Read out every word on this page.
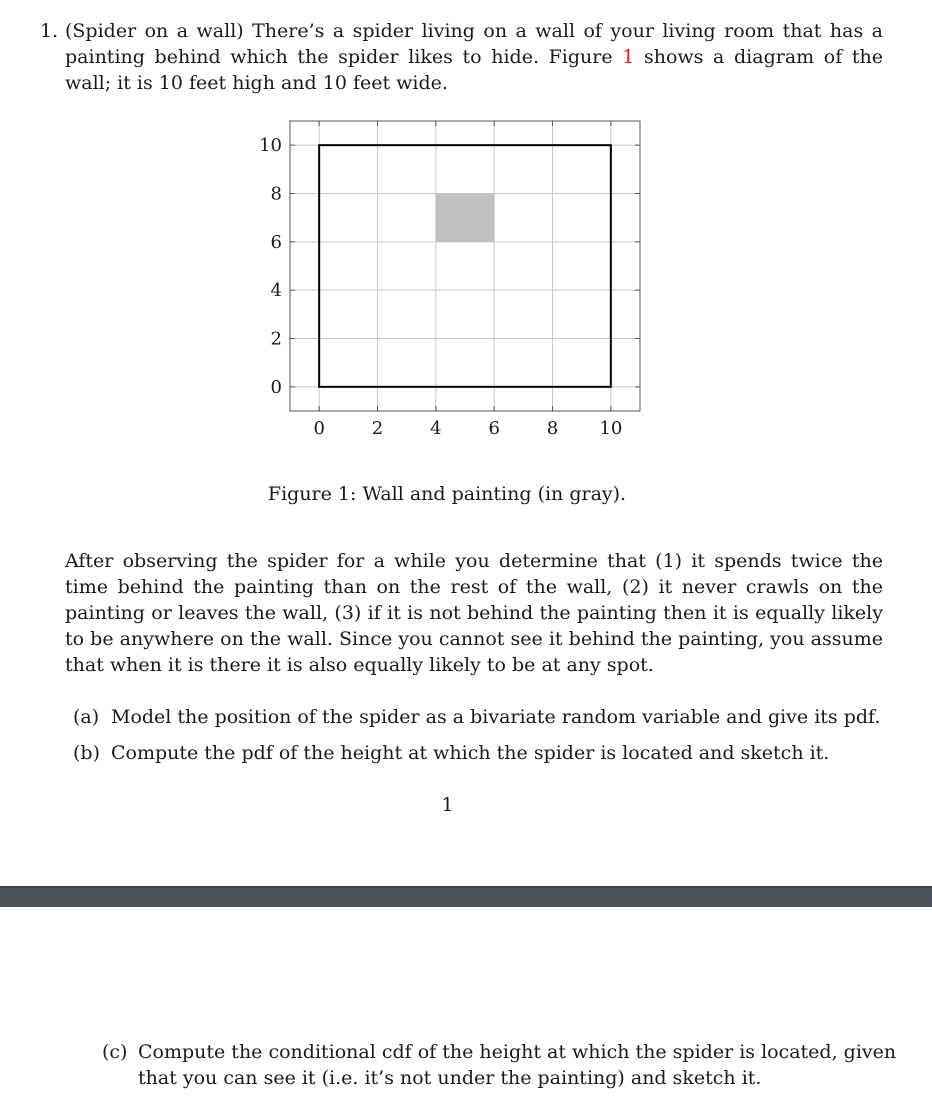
1. (Spider on a wall) There’s a spider living on a wall of your living room that has a painting behind which the spider likes to hide. Figure 1 shows a diagram of the wall; it is 10 feet high and 10 feet wide.

0	2	4	6	8 10
0
2
4
6
8
10
Figure 1: Wall and painting (in gray).

After observing the spider for a while you determine that (1) it spends twice the time behind the painting than on the rest of the wall, (2) it never crawls on the painting or leaves the wall, (3) if it is not behind the painting then it is equally likely to be anywhere on the wall. Since you cannot see it behind the painting, you assume that when it is there it is also equally likely to be at any spot.

(a) Model the position of the spider as a bivariate random variable and give its pdf.
(b) Compute the pdf of the height at which the spider is located and sketch it.
1
(c) Compute the conditional cdf of the height at which the spider is located, given that you can see it (i.e. it’s not under the painting) and sketch it.
